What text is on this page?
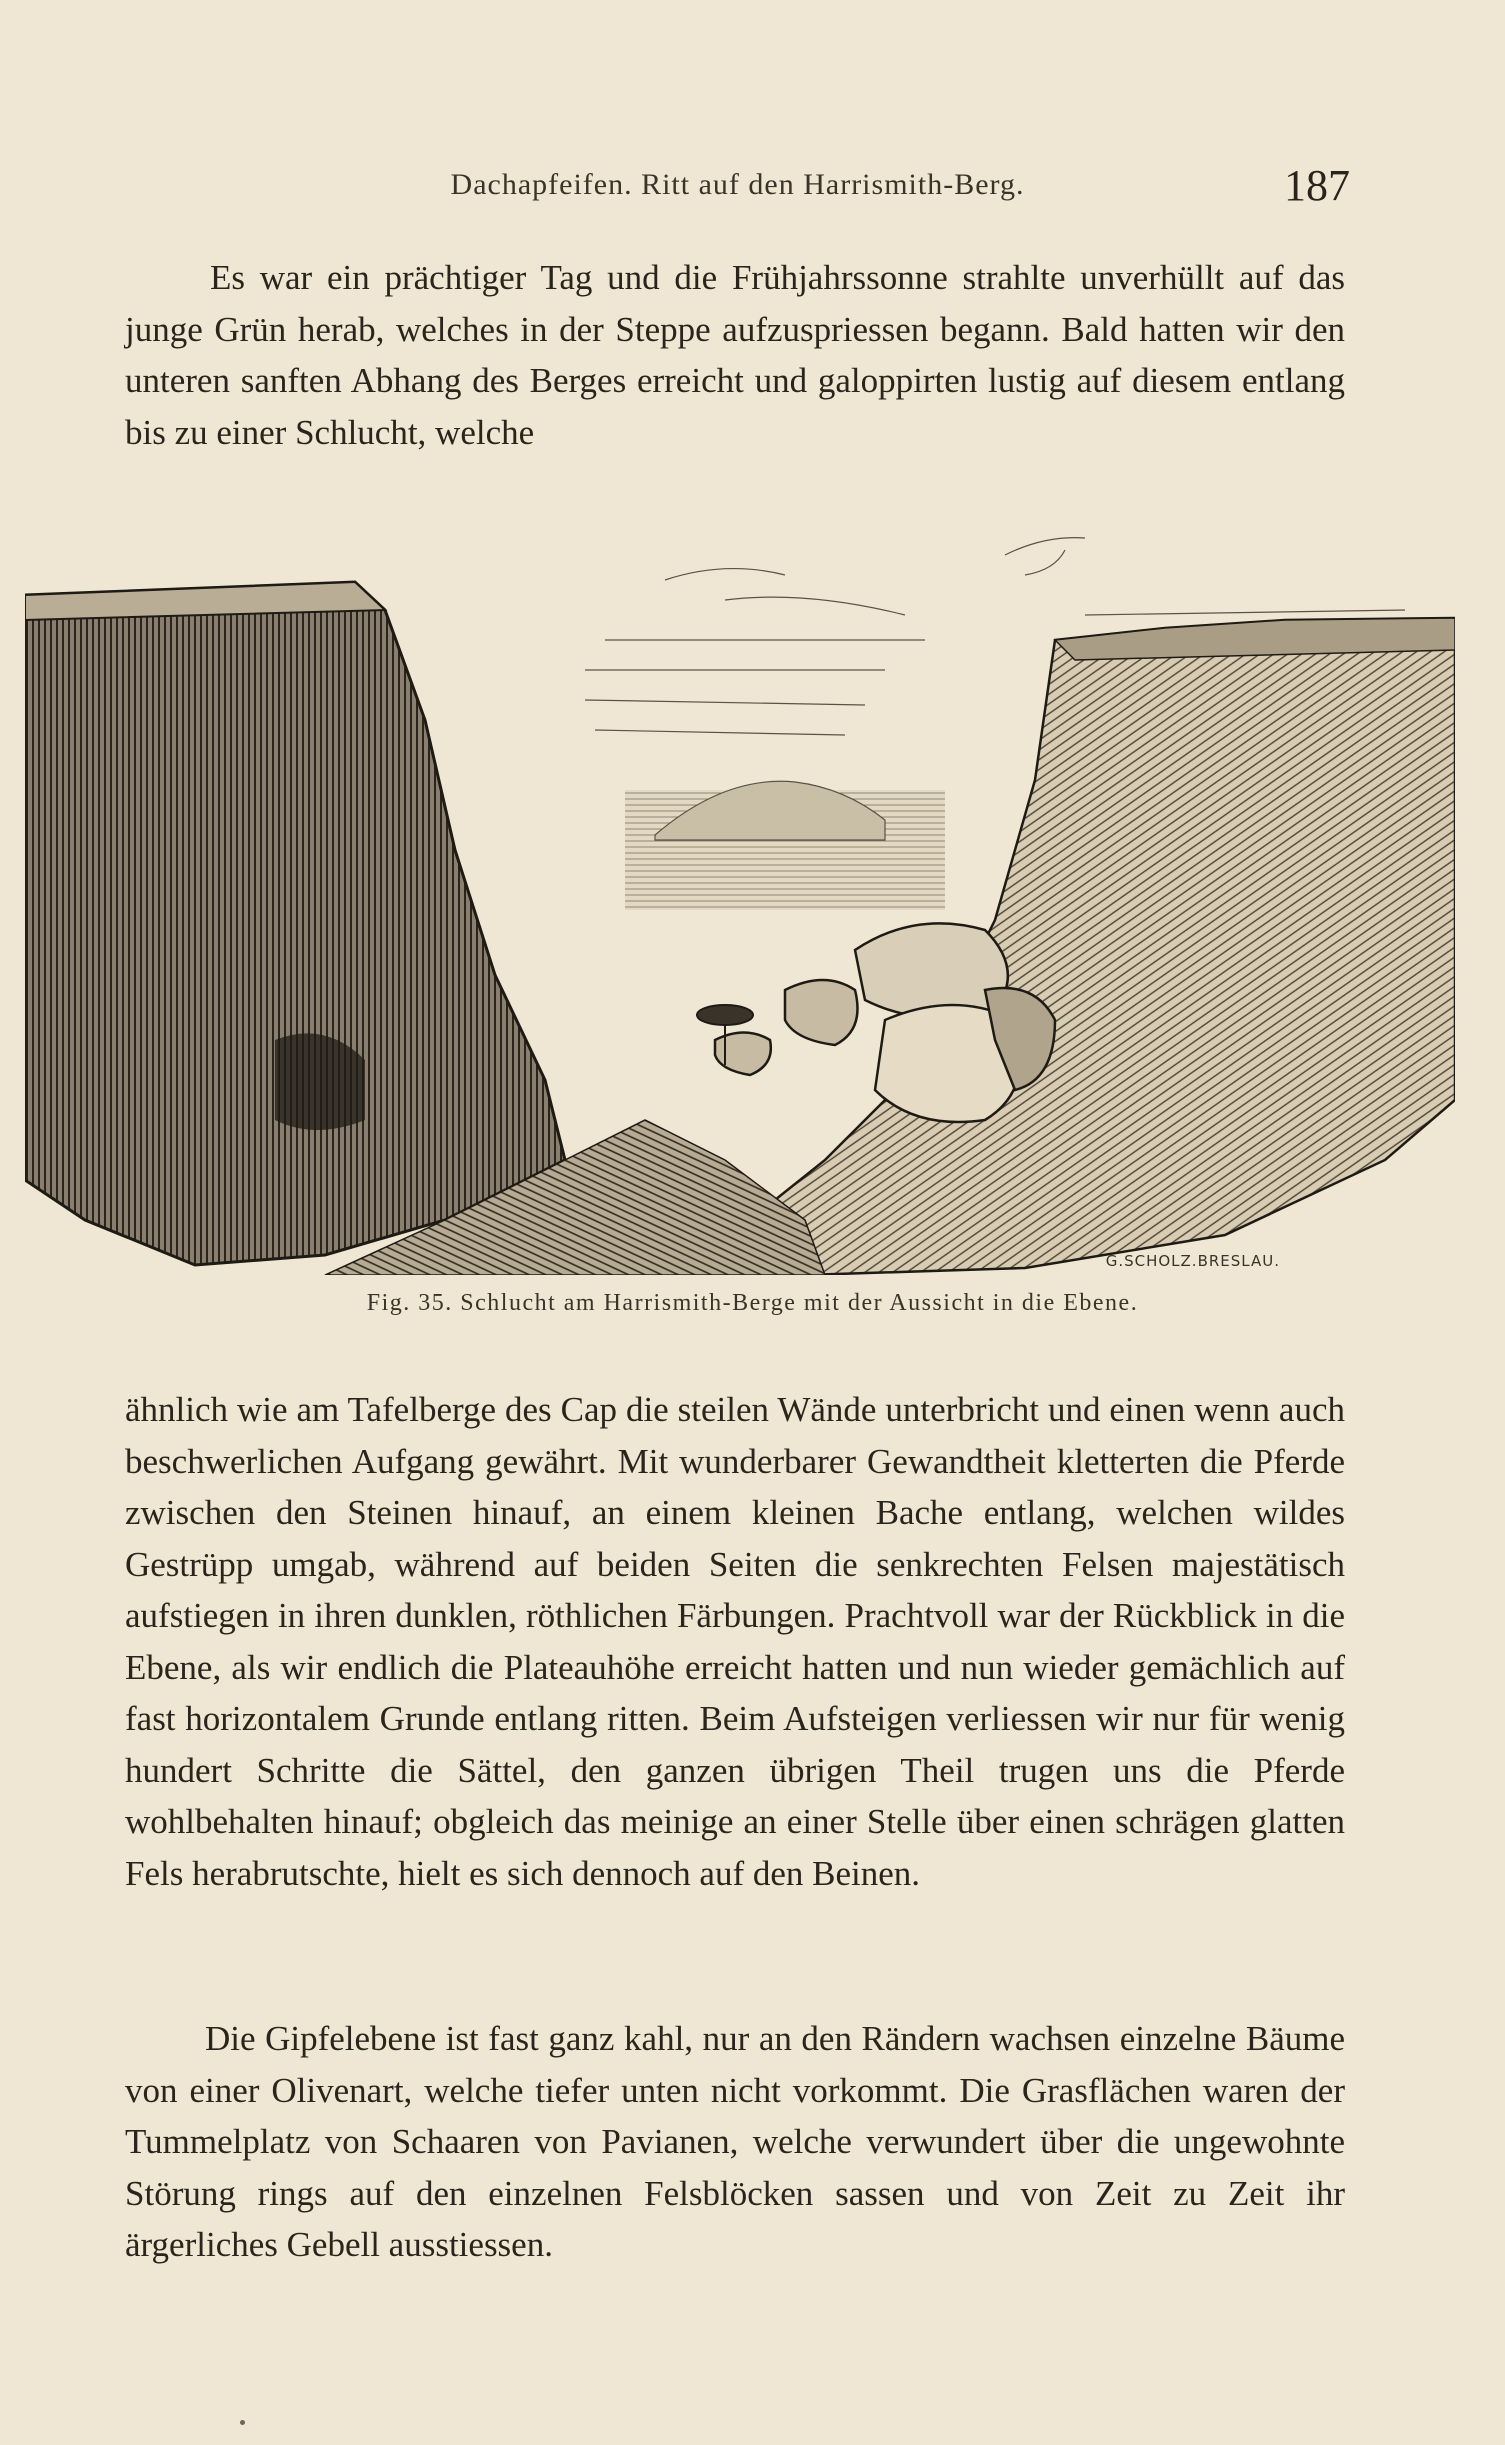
Dachapfeifen. Ritt auf den Harrismith-Berg.	187

Es war ein prächtiger Tag und die Frühjahrssonne strahlte unverhüllt auf das junge Grün herab, welches in der Steppe aufzuspriessen begann. Bald hatten wir den unteren sanften Abhang des Berges erreicht und galoppirten lustig auf diesem entlang bis zu einer Schlucht, welche

G.SCHOLZ.BRESLAU.
Fig. 35. Schlucht am Harrismith-Berge mit der Aussicht in die Ebene.

ähnlich wie am Tafelberge des Cap die steilen Wände unterbricht und einen wenn auch beschwerlichen Aufgang gewährt. Mit wunderbarer Gewandtheit kletterten die Pferde zwischen den Steinen hinauf, an einem kleinen Bache entlang, welchen wildes Gestrüpp umgab, während auf beiden Seiten die senkrechten Felsen majestätisch aufstiegen in ihren dunklen, röthlichen Färbungen. Prachtvoll war der Rückblick in die Ebene, als wir endlich die Plateauhöhe erreicht hatten und nun wieder gemächlich auf fast horizontalem Grunde entlang ritten. Beim Aufsteigen verliessen wir nur für wenig hundert Schritte die Sättel, den ganzen übrigen Theil trugen uns die Pferde wohlbehalten hinauf; obgleich das meinige an einer Stelle über einen schrägen glatten Fels herabrutschte, hielt es sich dennoch auf den Beinen.

Die Gipfelebene ist fast ganz kahl, nur an den Rändern wachsen einzelne Bäume von einer Olivenart, welche tiefer unten nicht vorkommt. Die Grasflächen waren der Tummelplatz von Schaaren von Pavianen, welche verwundert über die ungewohnte Störung rings auf den einzelnen Felsblöcken sassen und von Zeit zu Zeit ihr ärgerliches Gebell ausstiessen.
